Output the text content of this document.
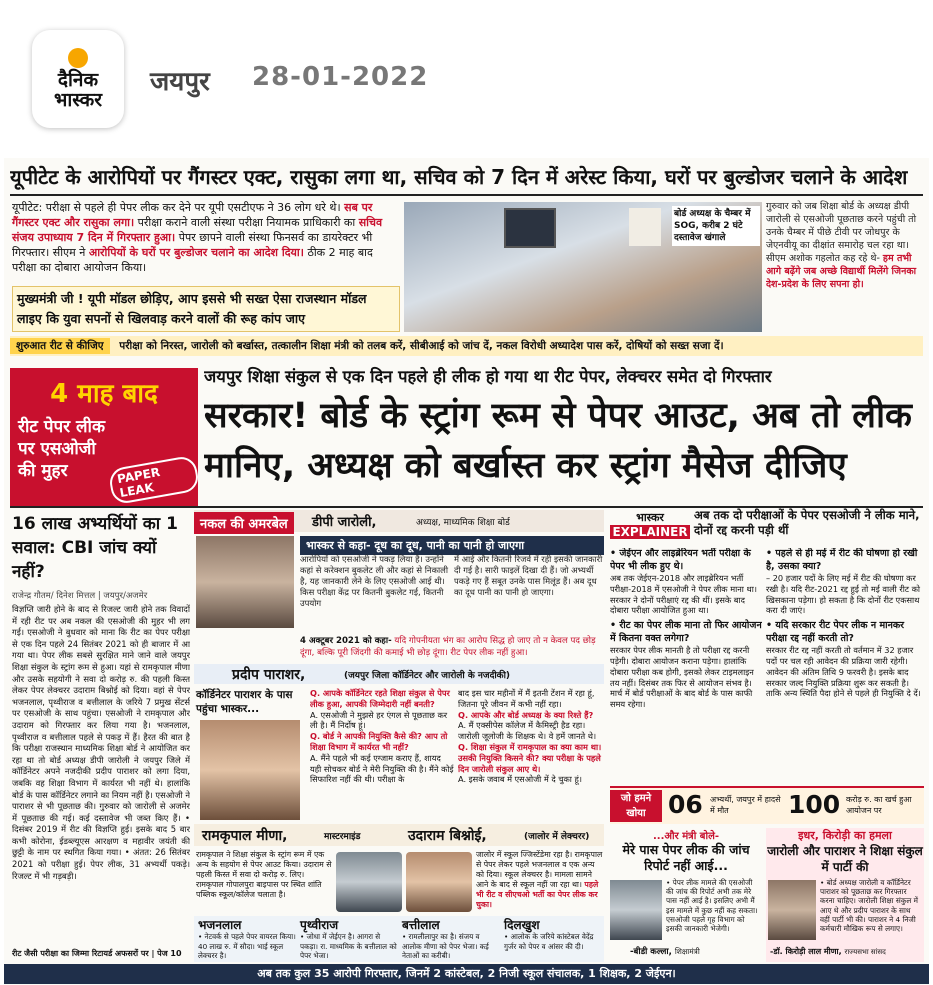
दैनिक
भास्कर
जयपुर 28-01-2022
यूपीटेट के आरोपियों पर गैंगस्टर एक्ट, रासुका लगा था, सचिव को 7 दिन में अरेस्ट किया, घरों पर बुल्डोजर चलाने के आदेश
यूपीटेट: परीक्षा से पहले ही पेपर लीक कर देने पर यूपी एसटीएफ ने 36 लोग धरे थे। सब पर गैंगस्टर एक्ट और रासुका लगा। परीक्षा कराने वाली संस्था परीक्षा नियामक प्राधिकारी का सचिव संजय उपाध्याय 7 दिन में गिरफ्तार हुआ। पेपर छापने वाली संस्था फिनसर्व का डायरेक्टर भी गिरफ्तार। सीएम ने आरोपियों के घरों पर बुल्डोजर चलाने का आदेश दिया। ठीक 2 माह बाद परीक्षा का दोबारा आयोजन किया।
मुख्यमंत्री जी ! यूपी मॉडल छोड़िए, आप इससे भी सख्त ऐसा राजस्थान मॉडल लाइए कि युवा सपनों से खिलवाड़ करने वालों की रूह कांप जाए
बोर्ड अध्यक्ष के चैम्बर में SOG, करीब 2 घंटे दस्तावेज खंगाले
गुरुवार को जब शिक्षा बोर्ड के अध्यक्ष डीपी जारोली से एसओजी पूछताछ करने पहुंची तो उनके चैम्बर में पीछे टीवी पर जोधपुर के जेएनवीयू का दीक्षांत समारोह चल रहा था। सीएम अशोक गहलोत कह रहे थे- हम तभी आगे बढ़ेंगे जब अच्छे विद्यार्थी मिलेंगे जिनका देश-प्रदेश के लिए सपना हो।
शुरुआत रीट से कीजिए परीक्षा को निरस्त, जारोली को बर्खास्त, तत्कालीन शिक्षा मंत्री को तलब करें, सीबीआई को जांच दें, नकल विरोधी अध्यादेश पास करें, दोषियों को सख्त सजा दें।
4 माह बाद
रीट पेपर लीक
पर एसओजी
की मुहर	PAPER LEAK
जयपुर शिक्षा संकुल से एक दिन पहले ही लीक हो गया था रीट पेपर, लेक्चरर समेत दो गिरफ्तार
सरकार! बोर्ड के स्ट्रांग रूम से पेपर आउट, अब तो लीक
मानिए, अध्यक्ष को बर्खास्त कर स्ट्रांग मैसेज दीजिए
16 लाख अभ्यर्थियों का 1 सवाल: CBI जांच क्यों नहीं?
राजेन्द्र गौतम/ दिनेश मित्तल | जयपुर/अजमेर
विज्ञप्ति जारी होने के बाद से रिजल्ट जारी होने तक विवादों में रही रीट पर अब नकल की एसओजी की मुहर भी लग गई। एसओजी ने बुधवार को माना कि रीट का पेपर परीक्षा से एक दिन पहले 24 सितंबर 2021 को ही बाजार में आ गया था। पेपर लीक सबसे सुरक्षित माने जाने वाले जयपुर शिक्षा संकुल के स्ट्रांग रूम से हुआ। यहां से रामकृपाल मीणा और उसके सहयोगी ने सवा दो करोड़ रु. की पहली किस्त लेकर पेपर लेक्चरर उदाराम बिश्नोई को दिया। वहां से पेपर भजनलाल, पृथ्वीराज व बत्तीलाल के जरिये 7 प्रमुख सेंटर्स पर एसओजी के साथ पहुंचा। एसओजी ने रामकृपाल और उदाराम को गिरफ्तार कर लिया गया है। भजनलाल, पृथ्वीराज व बत्तीलाल पहले से पकड़ में हैं। हैरत की बात है कि परीक्षा राजस्थान माध्यमिक शिक्षा बोर्ड ने आयोजित कर रहा था तो बोर्ड अध्यक्ष डीपी जारोली ने जयपुर जिले में कॉर्डिनेटर अपने नजदीकी प्रदीप पाराशर को लगा दिया, जबकि वह शिक्षा विभाग में कार्यरत भी नहीं थे। हालांकि बोर्ड के पास कॉर्डिनेटर लगाने का नियम नहीं है। एसओजी ने पाराशर से भी पूछताछ की। गुरुवार को जारोली से अजमेर में पूछताछ की गई। कई दस्तावेज भी जब्त किए हैं। • दिसंबर 2019 में रीट की विज्ञप्ति हुई। इसके बाद 5 बार कभी कोरोना, ईडब्ल्यूएस आरक्षण व महावीर जयंती की छुट्टी के नाम पर स्थगित किया गया। • अंतत: 26 सितंबर 2021 को परीक्षा हुई। पेपर लीक, 31 अभ्यर्थी पकड़े। रिजल्ट में भी गड़बड़ी।
रीट जैसी परीक्षा का जिम्मा रिटायर्ड अफसरों पर | पेज 10
नकल की अमरबेल	डीपी जारोली,	अध्यक्ष, माध्यमिक शिक्षा बोर्ड
भास्कर से कहा- दूध का दूध, पानी का पानी हो जाएगा
आरोपियों को एसओजी ने पकड़ लिया है। उन्होंने कहां से करेक्शन बुकलेट ली और कहां से निकाली है, यह जानकारी लेने के लिए एसओजी आई थी। किस परीक्षा केंद्र पर कितनी बुकलेट गई, कितनी उपयोग
में आई और कितनी रिजर्व में रही इसकी जानकारी दी गई है। सारी फाइलें दिखा दी हैं। जो अभ्यर्थी पकड़े गए हैं सबूत उनके पास मिलूंड हैं। अब दूध का दूध पानी का पानी हो जाएगा।
4 अक्टूबर 2021 को कहा- यदि गोपनीयता भंग का आरोप सिद्ध हो जाए तो न केवल पद छोड़ दूंगा, बल्कि पूरी जिंदगी की कमाई भी छोड़ दूंगा। रीट पेपर लीक नहीं हुआ।
प्रदीप पाराशर,	(जयपुर जिला कॉर्डिनेटर और जारोली के नजदीकी)
कॉर्डिनेटर पाराशर के पास पहुंचा भास्कर...
Q. आपके कॉर्डिनेटर रहते शिक्षा संकुल से पेपर लीक हुआ, आपकी जिम्मेदारी नहीं बनती?
A. एसओजी ने मुझसे हर एंगल से पूछताछ कर ली है। मैं निर्दोष हूं।
Q. बोर्ड ने आपकी नियुक्ति कैसे की? आप तो शिक्षा विभाग में कार्यरत भी नहीं?
A. मैंने पहले भी कई एग्जाम कराए हैं, शायद यही सोचकर बोर्ड ने मेरी नियुक्ति की है। मैंने कोई सिफारिश नहीं की थी। परीक्षा के
बाद इस चार महीनों में मैं इतनी टेंशन में रहा हूं, जितना पूरे जीवन में कभी नहीं रहा।
Q. आपके और बोर्ड अध्यक्ष के क्या रिश्ते हैं?
A. मैं एक्सीपेस कॉलेज में कैमिस्ट्री हैड रहा। जारोली जूलोजी के शिक्षक थे। वे हमें जानते थे।
Q. शिक्षा संकुल में रामकृपाल का क्या काम था। उसकी नियुक्ति किसने की? क्या परीक्षा के पहले दिन जारोली संकुल आए थे।
A. इसके जवाब में एसओजी में दे चुका हूं।
रामकृपाल मीणा,	मास्टरमाइंड	उदाराम बिश्नोई,	(जालोर में लेक्चरर)
रामकृपाल ने शिक्षा संकुल के स्ट्रांग रूम में एक अन्य के सहयोग से पेपर आउट किया। उदाराम से पहली किस्त में सवा दो करोड़ रु. लिए। रामकृपाल गोपालपुरा बाइपास पर स्थित शांति पब्लिक स्कूल/कॉलेज चलाता है।
जालोर में स्कूल ज्जिस्टेंडेमा रहा है। रामकृपाल से पेपर लेकर पहले भजनलाल व एक अन्य को दिया। स्कूल लेक्चरर है। मामला सामने आने के बाद से स्कूल नहीं जा रहा था। पहले भी रीट व सीएचओ भर्ती का पेपर लीक कर चुका।
भजनलाल	पृथ्वीराज	बत्तीलाल	दिलखुश
• नेटवर्क से पहले पेपर वायरल किया। 40 लाख रु. में सौदा। भाई स्कूल लेक्चरर है।
• जोधा में जेईएन है। आगरा से पकड़ा। रा. माध्यमिक के बत्तीलाल को पेपर भेजा।
• रामलीलापुर का है। संजय व आलोक मीणा को पेपर भेजा। कई नेताओं का करीबी।
• आलोक के जरिये कांस्टेबल वेदेंद्र गुर्जर को पेपर व आंसर की दी।
भास्कर
EXPLAINER
अब तक दो परीक्षाओं के पेपर एसओजी ने लीक माने, दोनों रद्द करनी पड़ी थीं
• जेईएन और लाइब्रेरियन भर्ती परीक्षा के पेपर भी लीक हुए थे।
अब तक जेईएन-2018 और लाइब्रेरियन भर्ती परीक्षा-2018 में एसओजी ने पेपर लीक माना था। सरकार ने दोनों परीक्षाएं रद्द की थीं। इसके बाद दोबारा परीक्षा आयोजित हुआ था।
• रीट का पेपर लीक माना तो फिर आयोजन में कितना वक्त लगेगा?
सरकार पेपर लीक मानती है तो परीक्षा रद्द करनी पड़ेगी। दोबारा आयोजन कराना पड़ेगा। हालांकि दोबारा परीक्षा कब होगी, इसको लेकर टाइमलाइन तय नहीं। दिसंबर तक फिर से आयोजन संभव है। मार्च में बोर्ड परीक्षाओं के बाद बोर्ड के पास काफी समय रहेगा।
• पहले से ही मई में रीट की घोषणा हो रखी है, उसका क्या?
– 20 हजार पदों के लिए मई में रीट की घोषणा कर रखी है। यदि रीट-2021 रद्द हुई तो मई वाली रीट को खिसकाना पड़ेगा। हो सकता है कि दोनों रीट एकसाथ करा दी जाएं।
• यदि सरकार रीट पेपर लीक न मानकर परीक्षा रद्द नहीं करती तो?
सरकार रीट रद्द नहीं करती तो वर्तमान में 32 हजार पदों पर चल रही आवेदन की प्रक्रिया जारी रहेगी। आवेदन की अंतिम तिथि 9 फरवरी है। इसके बाद सरकार जल्द नियुक्ति प्रक्रिया शुरू कर सकती है। ताकि अन्य स्थिति पैदा होने से पहले ही नियुक्ति दे दें।
जो हमने
खोया 06 अभ्यर्थी, जयपुर में हादसे में मौत	100 करोड़ रु. का खर्च हुआ आयोजन पर
...और मंत्री बोले-
मेरे पास पेपर लीक की जांच रिपोर्ट नहीं आई...
• पेपर लीक मामले की एसओजी की जांच की रिपोर्ट अभी तक मेरे पास नहीं आई है। इसलिए अभी मैं इस मामले में कुछ नहीं कह सकता। एसओजी पहले गृह विभाग को इसकी जानकारी भेजेगी।
-बीडी कल्ला, शिक्षामंत्री
इधर, किरोड़ी का हमला
जारोली और पाराशर ने शिक्षा संकुल में पार्टी की
• बोर्ड अध्यक्ष जारोली व कॉर्डिनेटर पाराशर को पूछताछ कर गिरफ्तार करना चाहिए। जारोली शिक्षा संकुल में आए थे और प्रदीप पाराशर के साथ वहीं पार्टी भी की। पाराशर ने 4 निजी कर्मचारी मौखिक रूप से लगाए।
-डॉ. किरोड़ी लाल मीणा, राज्यसभा सांसद
अब तक कुल 35 आरोपी गिरफ्तार, जिनमें 2 कांस्टेबल, 2 निजी स्कूल संचालक, 1 शिक्षक, 2 जेईएन।
